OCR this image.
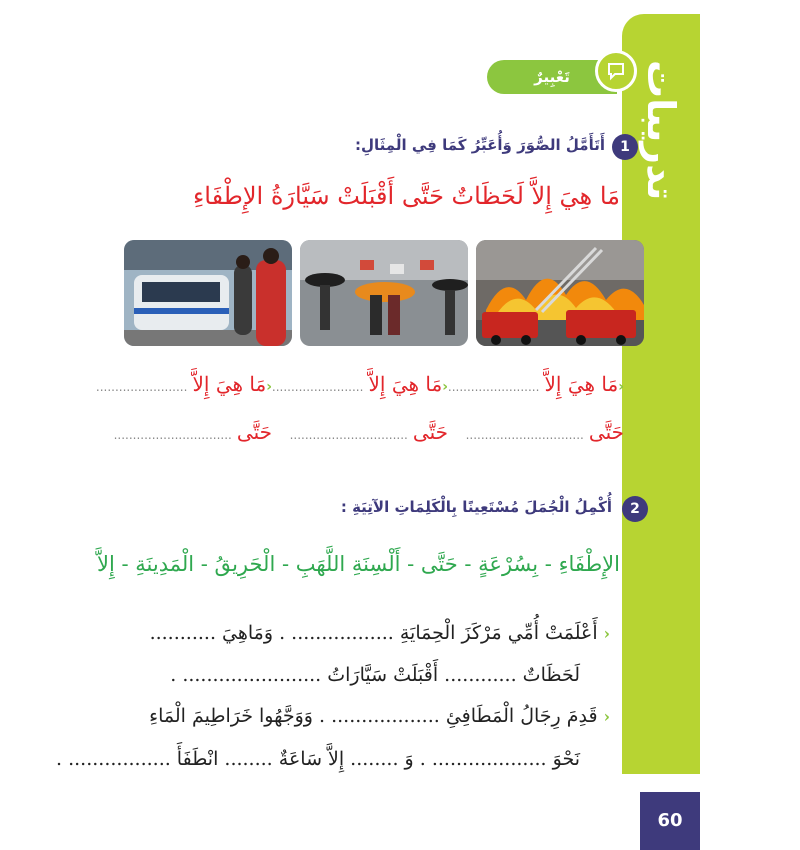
تدريبات
60
تَعْبِيرٌ
1
أَتَأَمَّلُ الصُّوَرَ وَأُعَبِّرُ كَمَا فِي الْمِثَالِ:
مَا هِيَ إِلاَّ لَحَظَاتٌ حَتَّى أَقْبَلَتْ سَيَّارَةُ الإِطْفَاءِ
‹مَا هِيَ إِلاَّ ........................
حَتَّى ...............................
‹مَا هِيَ إِلاَّ ........................
حَتَّى ...............................
‹مَا هِيَ إِلاَّ ........................
حَتَّى ...............................
2
أُكْمِلُ الْجُمَلَ مُسْتَعِينًا بِالْكَلِمَاتِ الآتِيَةِ :
الإِطْفَاءِ - بِسُرْعَةٍ - حَتَّى - أَلْسِنَةِ اللَّهَبِ - الْحَرِيقُ - الْمَدِينَةِ - إِلاَّ
‹أَعْلَمَتْ أُمِّي مَرْكَزَ الْحِمَايَةِ ................. . وَمَاهِيَ ...........
لَحَظَاتٌ ............ أَقْبَلَتْ سَيَّارَاتُ ....................... .
‹قَدِمَ رِجَالُ الْمَطَافِئِ .................. . وَوَجَّهُوا خَرَاطِيمَ الْمَاءِ
نَحْوَ ................... . وَ ........ إِلاَّ سَاعَةٌ ........ انْطَفَأَ ................. .
